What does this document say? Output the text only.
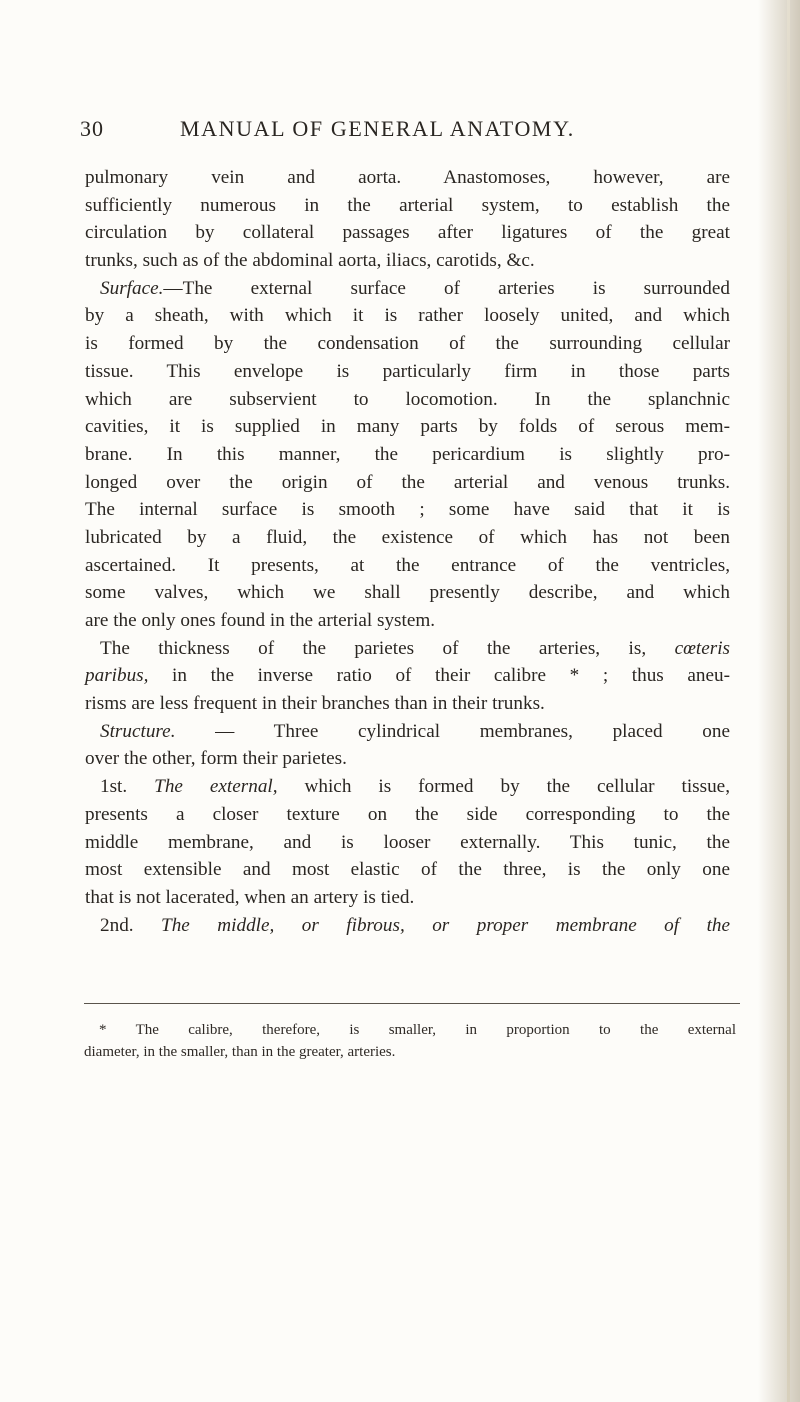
30	MANUAL OF GENERAL ANATOMY.
pulmonary vein and aorta. Anastomoses, however, are
sufficiently numerous in the arterial system, to establish the
circulation by collateral passages after ligatures of the great
trunks, such as of the abdominal aorta, iliacs, carotids, &c.
Surface.—The external surface of arteries is surrounded
by a sheath, with which it is rather loosely united, and which
is formed by the condensation of the surrounding cellular
tissue. This envelope is particularly firm in those parts
which are subservient to locomotion. In the splanchnic
cavities, it is supplied in many parts by folds of serous mem-
brane. In this manner, the pericardium is slightly pro-
longed over the origin of the arterial and venous trunks.
The internal surface is smooth ; some have said that it is
lubricated by a fluid, the existence of which has not been
ascertained. It presents, at the entrance of the ventricles,
some valves, which we shall presently describe, and which
are the only ones found in the arterial system.
The thickness of the parietes of the arteries, is, cœteris
paribus, in the inverse ratio of their calibre * ; thus aneu-
risms are less frequent in their branches than in their trunks.
Structure. — Three cylindrical membranes, placed one
over the other, form their parietes.
1st. The external, which is formed by the cellular tissue,
presents a closer texture on the side corresponding to the
middle membrane, and is looser externally. This tunic, the
most extensible and most elastic of the three, is the only one
that is not lacerated, when an artery is tied.
2nd. The middle, or fibrous, or proper membrane of the
* The calibre, therefore, is smaller, in proportion to the external
diameter, in the smaller, than in the greater, arteries.
